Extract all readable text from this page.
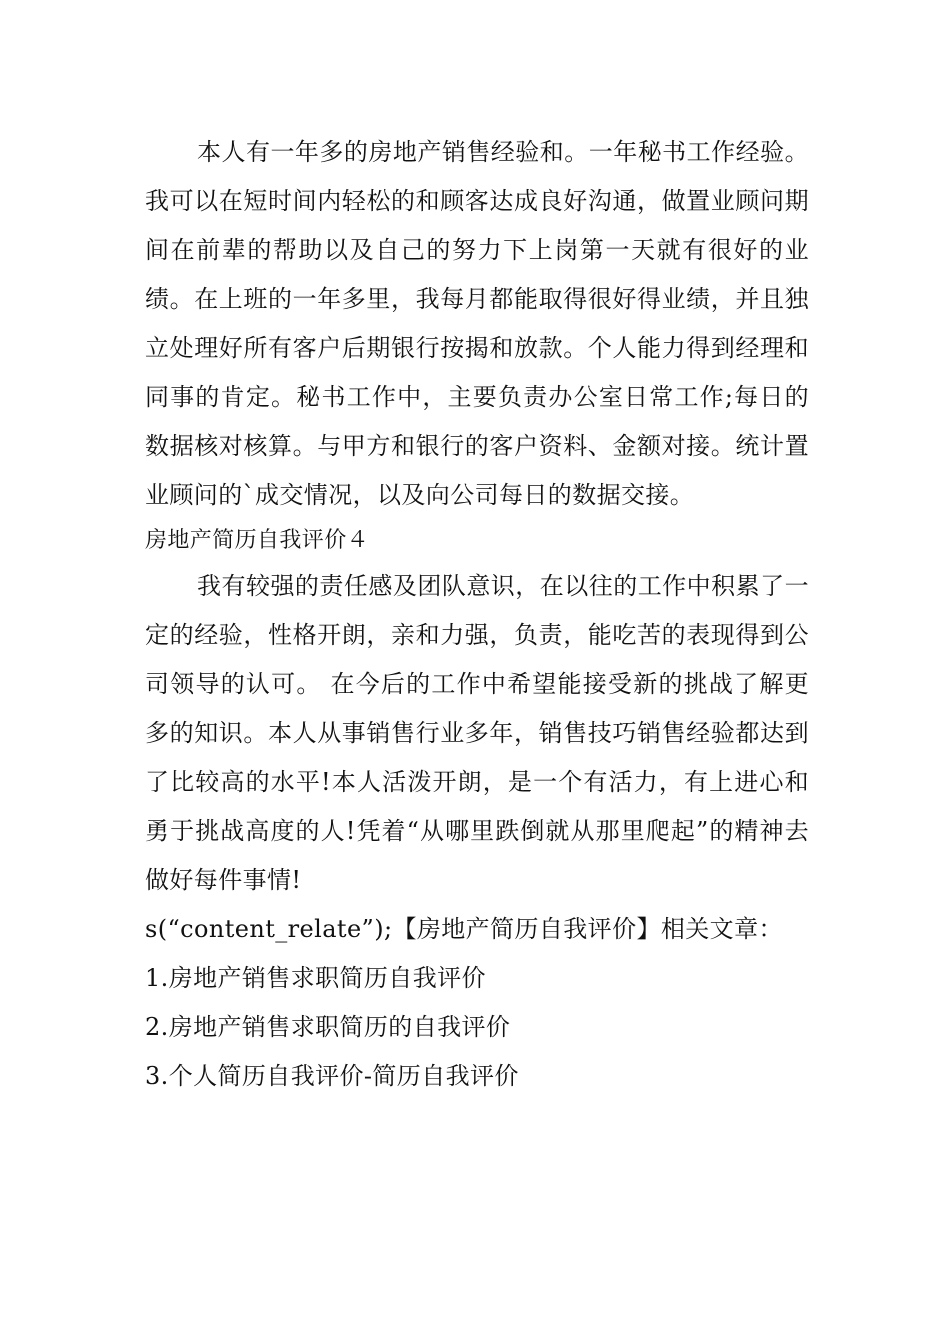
本人有一年多的房地产销售经验和。一年秘书工作经验。我可以在短时间内轻松的和顾客达成良好沟通，做置业顾问期间在前辈的帮助以及自己的努力下上岗第一天就有很好的业绩。在上班的一年多里，我每月都能取得很好得业绩，并且独立处理好所有客户后期银行按揭和放款。个人能力得到经理和同事的肯定。秘书工作中，主要负责办公室日常工作;每日的数据核对核算。与甲方和银行的客户资料、金额对接。统计置业顾问的`成交情况，以及向公司每日的数据交接。

房地产简历自我评价４

我有较强的责任感及团队意识，在以往的工作中积累了一定的经验，性格开朗，亲和力强，负责，能吃苦的表现得到公司领导的认可。 在今后的工作中希望能接受新的挑战了解更多的知识。本人从事销售行业多年，销售技巧销售经验都达到了比较高的水平!本人活泼开朗，是一个有活力，有上进心和勇于挑战高度的人!凭着“从哪里跌倒就从那里爬起”的精神去做好每件事情!

s(“content_relate”);【房地产简历自我评价】相关文章：

1.房地产销售求职简历自我评价
2.房地产销售求职简历的自我评价
3.个人简历自我评价-简历自我评价
